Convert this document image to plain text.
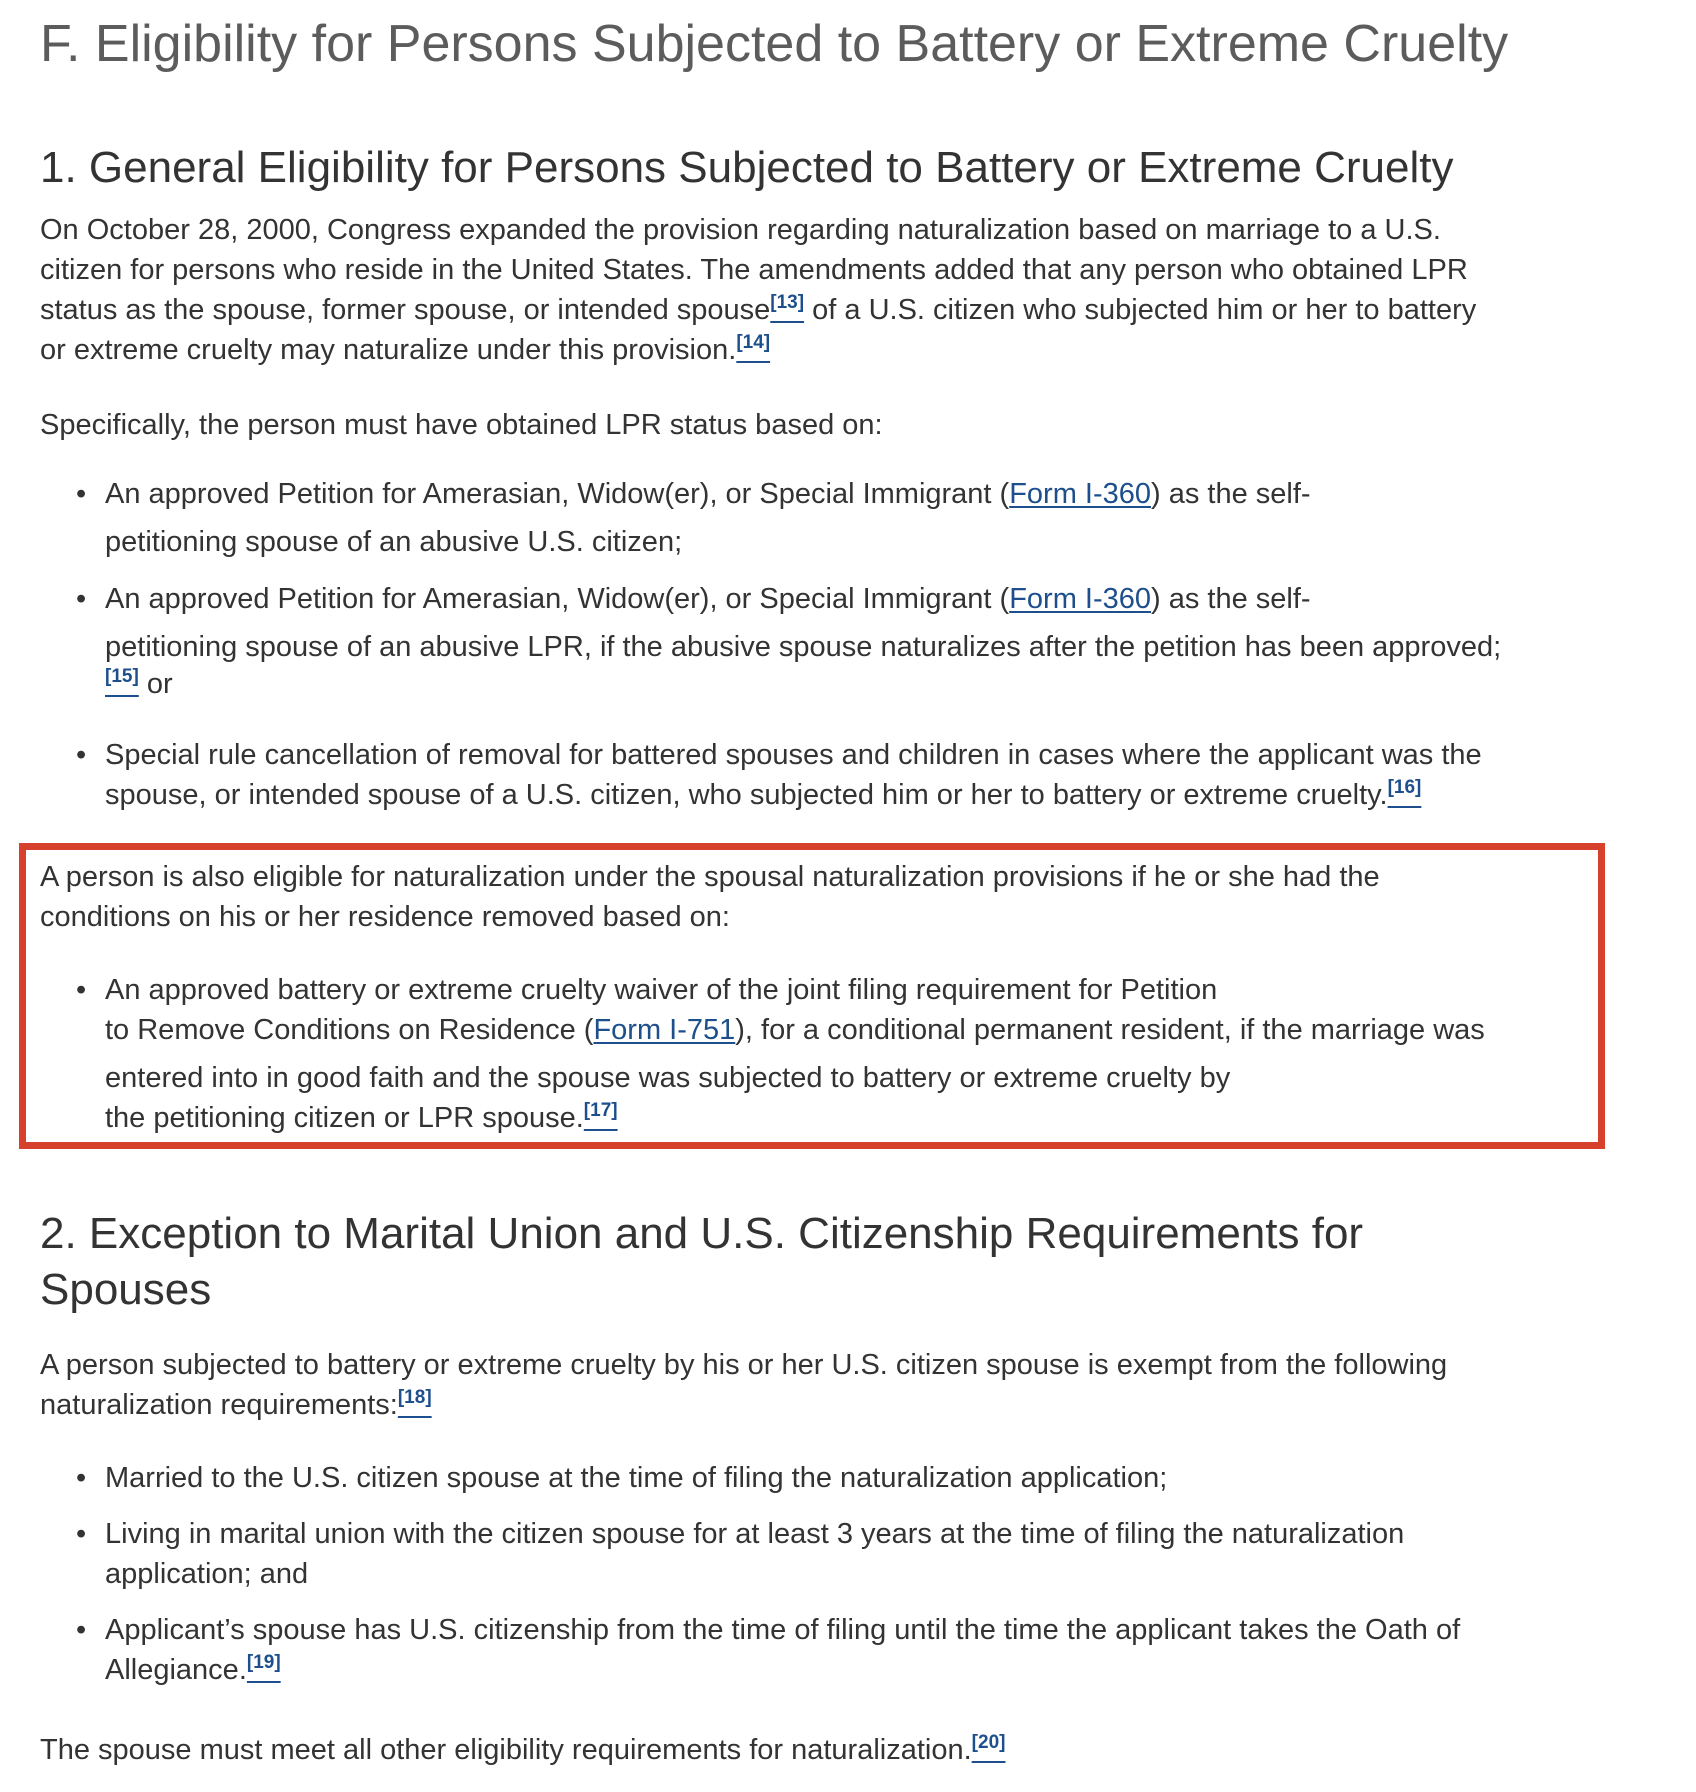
F. Eligibility for Persons Subjected to Battery or Extreme Cruelty
1. General Eligibility for Persons Subjected to Battery or Extreme Cruelty
On October 28, 2000, Congress expanded the provision regarding naturalization based on marriage to a U.S.
citizen for persons who reside in the United States. The amendments added that any person who obtained LPR
status as the spouse, former spouse, or intended spouse[13] of a U.S. citizen who subjected him or her to battery
or extreme cruelty may naturalize under this provision.[14]
Specifically, the person must have obtained LPR status based on:
• An approved Petition for Amerasian, Widow(er), or Special Immigrant (Form I-360) as the self-
petitioning spouse of an abusive U.S. citizen;
• An approved Petition for Amerasian, Widow(er), or Special Immigrant (Form I-360) as the self-
petitioning spouse of an abusive LPR, if the abusive spouse naturalizes after the petition has been approved;
[15] or
• Special rule cancellation of removal for battered spouses and children in cases where the applicant was the
spouse, or intended spouse of a U.S. citizen, who subjected him or her to battery or extreme cruelty.[16]
A person is also eligible for naturalization under the spousal naturalization provisions if he or she had the
conditions on his or her residence removed based on:
• An approved battery or extreme cruelty waiver of the joint filing requirement for Petition
to Remove Conditions on Residence (Form I-751), for a conditional permanent resident, if the marriage was
entered into in good faith and the spouse was subjected to battery or extreme cruelty by
the petitioning citizen or LPR spouse.[17]
2. Exception to Marital Union and U.S. Citizenship Requirements for
Spouses
A person subjected to battery or extreme cruelty by his or her U.S. citizen spouse is exempt from the following
naturalization requirements:[18]
• Married to the U.S. citizen spouse at the time of filing the naturalization application;
• Living in marital union with the citizen spouse for at least 3 years at the time of filing the naturalization
application; and
• Applicant’s spouse has U.S. citizenship from the time of filing until the time the applicant takes the Oath of
Allegiance.[19]
The spouse must meet all other eligibility requirements for naturalization.[20]
